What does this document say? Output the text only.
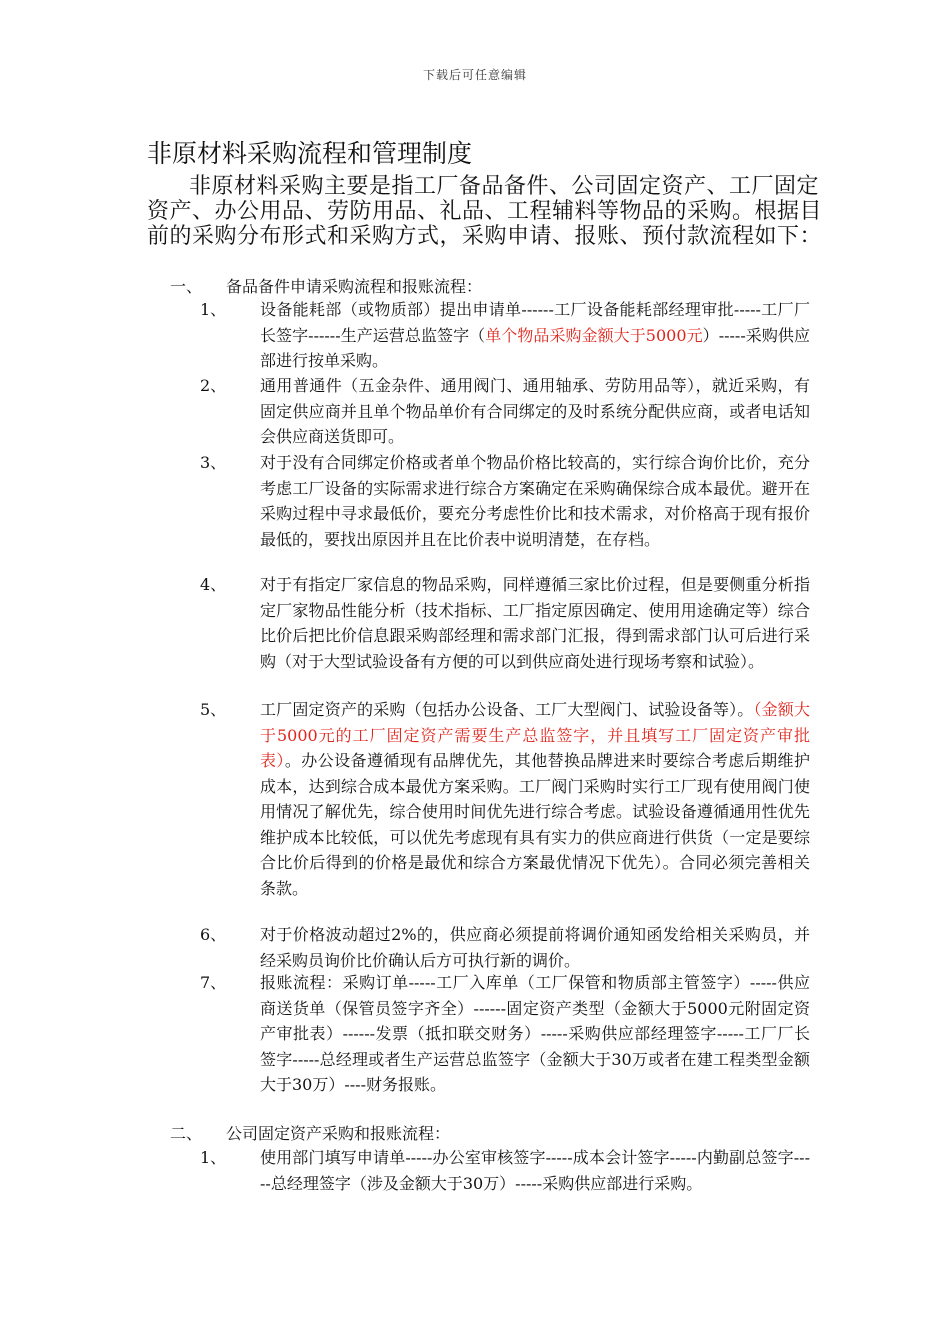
下载后可任意编辑
非原材料采购流程和管理制度

非原材料采购主要是指工厂备品备件、公司固定资产、工厂固定资产、办公用品、劳防用品、礼品、工程辅料等物品的采购。根据目前的采购分布形式和采购方式，采购申请、报账、预付款流程如下：

一、 备品备件申请采购流程和报账流程：
1、	设备能耗部（或物质部）提出申请单------工厂设备能耗部经理审批-----工厂厂长签字------生产运营总监签字（单个物品采购金额大于5000元）-----采购供应部进行按单采购。
2、	通用普通件（五金杂件、通用阀门、通用轴承、劳防用品等），就近采购，有固定供应商并且单个物品单价有合同绑定的及时系统分配供应商，或者电话知会供应商送货即可。
3、	对于没有合同绑定价格或者单个物品价格比较高的，实行综合询价比价，充分考虑工厂设备的实际需求进行综合方案确定在采购确保综合成本最优。避开在采购过程中寻求最低价，要充分考虑性价比和技术需求，对价格高于现有报价最低的，要找出原因并且在比价表中说明清楚，在存档。
4、	对于有指定厂家信息的物品采购，同样遵循三家比价过程，但是要侧重分析指定厂家物品性能分析（技术指标、工厂指定原因确定、使用用途确定等）综合比价后把比价信息跟采购部经理和需求部门汇报，得到需求部门认可后进行采购（对于大型试验设备有方便的可以到供应商处进行现场考察和试验）。
5、	工厂固定资产的采购（包括办公设备、工厂大型阀门、试验设备等）。（金额大于5000元的工厂固定资产需要生产总监签字，并且填写工厂固定资产审批表）。办公设备遵循现有品牌优先，其他替换品牌进来时要综合考虑后期维护成本，达到综合成本最优方案采购。工厂阀门采购时实行工厂现有使用阀门使用情况了解优先，综合使用时间优先进行综合考虑。试验设备遵循通用性优先维护成本比较低，可以优先考虑现有具有实力的供应商进行供货（一定是要综合比价后得到的价格是最优和综合方案最优情况下优先）。合同必须完善相关条款。
6、	对于价格波动超过2%的，供应商必须提前将调价通知函发给相关采购员，并经采购员询价比价确认后方可执行新的调价。
7、	报账流程：采购订单-----工厂入库单（工厂保管和物质部主管签字）-----供应商送货单（保管员签字齐全）------固定资产类型（金额大于5000元附固定资产审批表）------发票（抵扣联交财务）-----采购供应部经理签字-----工厂厂长签字-----总经理或者生产运营总监签字（金额大于30万或者在建工程类型金额大于30万）----财务报账。
二、 公司固定资产采购和报账流程：
1、	使用部门填写申请单-----办公室审核签字-----成本会计签字-----内勤副总签字-----总经理签字（涉及金额大于30万）-----采购供应部进行采购。
